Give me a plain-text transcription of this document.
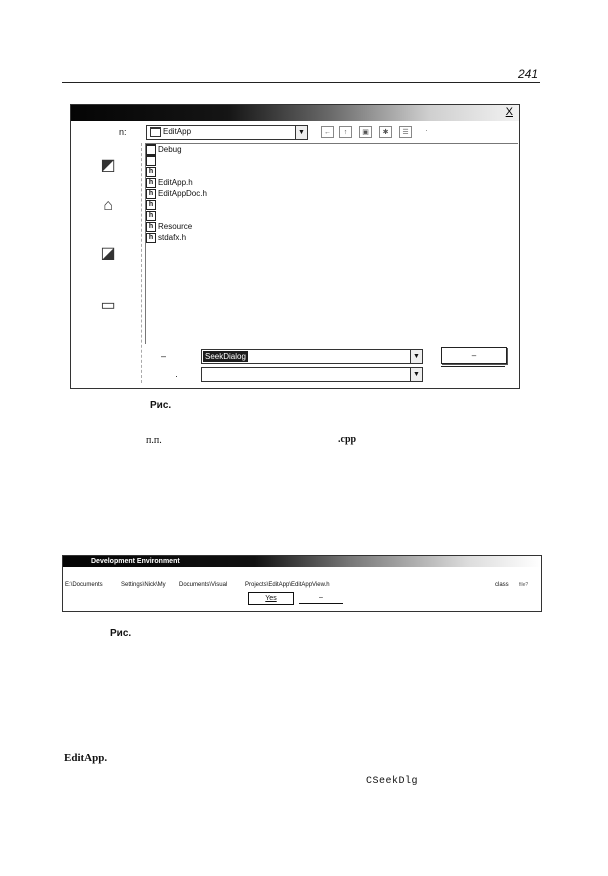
241
X
n:	EditApp	▼	←	↑	▣	✱	☰	·
◩
⌂
◪
▭
Debug
h
h EditApp.h
h EditAppDoc.h
h
h
h Resource
h stdafx.h
–	SeekDialog	▼
·	▼
–
Рис.
п.п.	.cpp
Development Environment
E:\Documents	Settings\Nick\My Documents\Visual	Projects\EditApp\EditAppView.h	class file?
Yes	–
Рис.
EditApp.
CSeekDlg
